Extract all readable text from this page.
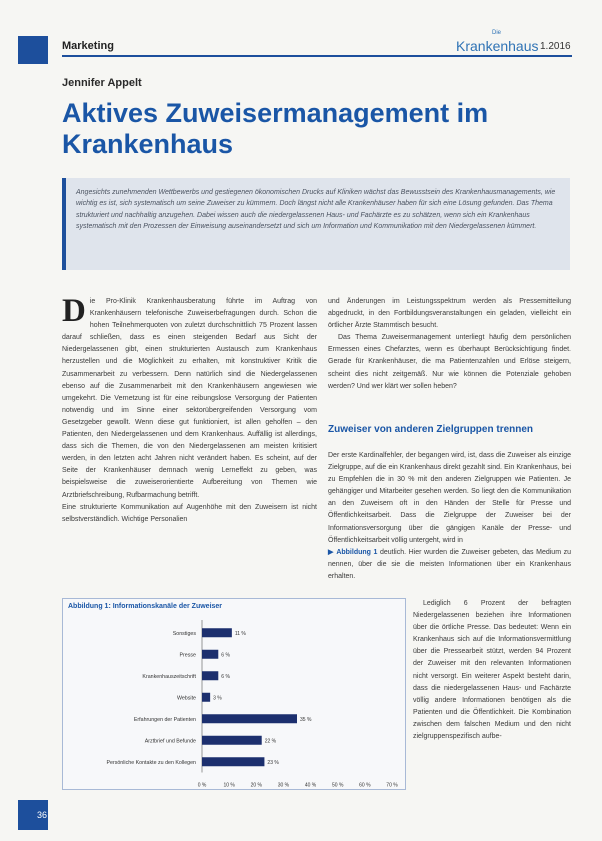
Marketing
Die
Krankenhaus 1.2016
Jennifer Appelt
Aktives Zuweisermanagement im Krankenhaus

Angesichts zunehmenden Wettbewerbs und gestiegenen ökonomischen Drucks auf Kliniken wächst das Bewusstsein des Krankenhausmanagements, wie wichtig es ist, sich systematisch um seine Zuweiser zu kümmern. Doch längst nicht alle Krankenhäuser haben für sich eine Lösung gefunden. Das Thema strukturiert und nachhaltig anzugehen. Dabei wissen auch die niedergelassenen Haus- und Fachärzte es zu schätzen, wenn sich ein Krankenhaus systematisch mit den Prozessen der Einweisung auseinandersetzt und sich um Information und Kommunikation mit den Niedergelassenen kümmert.

Die Pro-Klinik Krankenhausberatung führte im Auftrag von Krankenhäusern telefonische Zuweiserbefragungen durch. Schon die hohen Teilnehmerquoten von zuletzt durchschnittlich 75 Prozent lassen darauf schließen, dass es einen steigenden Bedarf aus Sicht der Niedergelassenen gibt, einen strukturierten Austausch zum Krankenhaus herzustellen und die Möglichkeit zu erhalten, mit konstruktiver Kritik die Zusammenarbeit zu verbessern. Denn natürlich sind die Niedergelassenen ebenso auf die Zusammenarbeit mit den Krankenhäusern angewiesen wie umgekehrt. Die Vernetzung ist für eine reibungslose Versorgung der Patienten notwendig und im Sinne einer sektorübergreifenden Versorgung vom Gesetzgeber gewollt. Wenn diese gut funktioniert, ist allen geholfen – den Patienten, den Niedergelassenen und dem Krankenhaus. Auffällig ist allerdings, dass sich die Themen, die von den Niedergelassenen am meisten kritisiert werden, in den letzten acht Jahren nicht verändert haben. Es scheint, auf der Seite der Krankenhäuser demnach wenig Lerneffekt zu geben, was beispielsweise die zuweiserorientierte Aufbereitung von Themen wie Arztbriefschreibung, Rufbarmachung betrifft.

Eine strukturierte Kommunikation auf Augenhöhe mit den Zuweisern ist nicht selbstverständlich. Wichtige Personalien

und Änderungen im Leistungsspektrum werden als Pressemitteilung abgedruckt, in den Fortbildungsveranstaltungen ein geladen, vielleicht ein örtlicher Ärzte Stammtisch besucht.

Das Thema Zuweisermanagement unterliegt häufig dem persönlichen Ermessen eines Chefarztes, wenn es überhaupt Berücksichtigung findet. Gerade für Krankenhäuser, die ma Patientenzahlen und Erlöse steigern, scheint dies nicht zeitgemäß. Nur wie können die Potenziale gehoben werden? Und wer klärt wer sollen heben?

Zuweiser von anderen Zielgruppen trennen

Der erste Kardinalfehler, der begangen wird, ist, dass die Zuweiser als einzige Zielgruppe, auf die ein Krankenhaus direkt gezahlt sind. Ein Krankenhaus, bei zu Empfehlen die in 30 % mit den anderen Zielgruppen wie Patienten. Je gehängiger und Mitarbeiter gesehen werden. So liegt den die Kommunikation an den Zuweisern oft in den Händen der Stelle für Presse und Öffentlichkeitsarbeit. Dass die Zielgruppe der Zuweiser bei der Informationsversorgung über die gängigen Kanäle der Presse- und Öffentlichkeitsarbeit völlig untergeht, wird in

▶ Abbildung 1 deutlich. Hier wurden die Zuweiser gebeten, das Medium zu nennen, über die sie die meisten Informationen über ein Krankenhaus erhalten.

Lediglich 6 Prozent der befragten Niedergelassenen beziehen ihre Informationen über die örtliche Presse. Das bedeutet: Wenn ein Krankenhaus sich auf die Informationsvermittlung über die Pressearbeit stützt, werden 94 Prozent der Zuweiser mit den relevanten Informationen nicht versorgt. Ein weiterer Aspekt besteht darin, dass die niedergelassenen Haus- und Fachärzte völlig andere Informationen benötigen als die Patienten und die Öffentlichkeit. Die Kombination zwischen dem falschen Medium und den nicht zielgruppenspezifisch aufbe-

Abbildung 1: Informationskanäle der Zuweiser
Sonstiges	11 %
Presse	6 %
Krankenhauszeitschrift	6 %
Website	3 %
Erfahrungen der Patienten	35 %
Arztbrief und Befunde	22 %
Persönliche Kontakte zu den Kollegen	23 %
0 %	10 %	20 %	30 %	40 %	50 %	60 %	70 %
36
